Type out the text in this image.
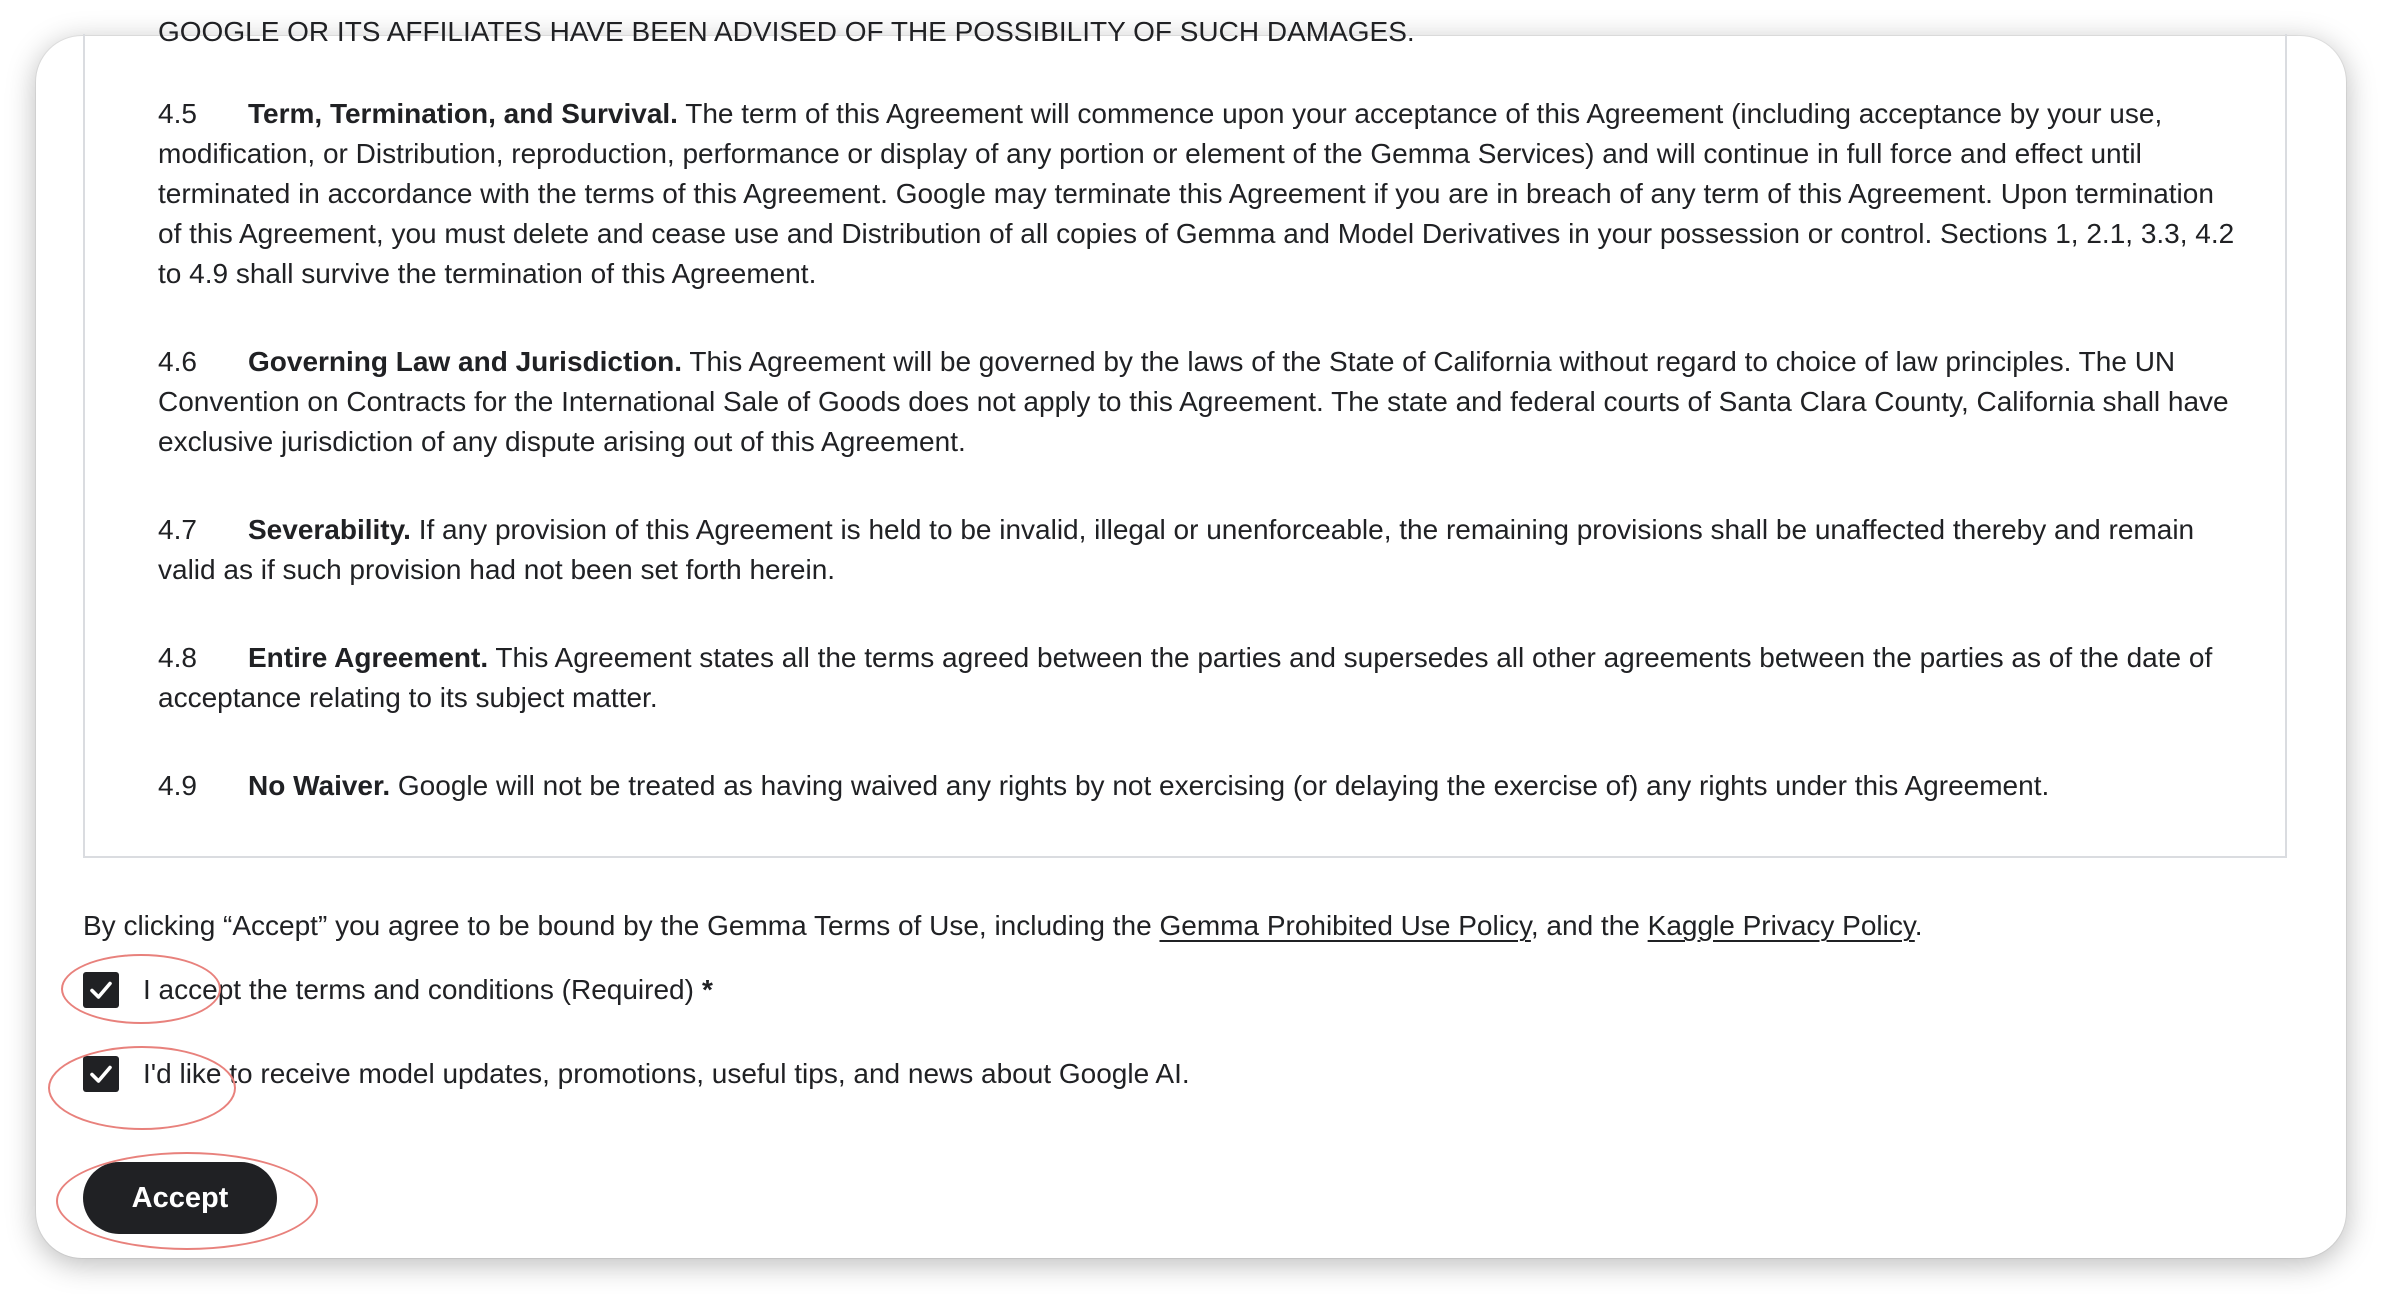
GOOGLE OR ITS AFFILIATES HAVE BEEN ADVISED OF THE POSSIBILITY OF SUCH DAMAGES.
4.5 Term, Termination, and Survival. The term of this Agreement will commence upon your acceptance of this Agreement (including acceptance by your use, modification, or Distribution, reproduction, performance or display of any portion or element of the Gemma Services) and will continue in full force and effect until terminated in accordance with the terms of this Agreement. Google may terminate this Agreement if you are in breach of any term of this Agreement. Upon termination of this Agreement, you must delete and cease use and Distribution of all copies of Gemma and Model Derivatives in your possession or control. Sections 1, 2.1, 3.3, 4.2 to 4.9 shall survive the termination of this Agreement.
4.6 Governing Law and Jurisdiction. This Agreement will be governed by the laws of the State of California without regard to choice of law principles. The UN Convention on Contracts for the International Sale of Goods does not apply to this Agreement. The state and federal courts of Santa Clara County, California shall have exclusive jurisdiction of any dispute arising out of this Agreement.
4.7 Severability. If any provision of this Agreement is held to be invalid, illegal or unenforceable, the remaining provisions shall be unaffected thereby and remain valid as if such provision had not been set forth herein.
4.8 Entire Agreement. This Agreement states all the terms agreed between the parties and supersedes all other agreements between the parties as of the date of acceptance relating to its subject matter.
4.9 No Waiver. Google will not be treated as having waived any rights by not exercising (or delaying the exercise of) any rights under this Agreement.
By clicking “Accept” you agree to be bound by the Gemma Terms of Use, including the Gemma Prohibited Use Policy, and the Kaggle Privacy Policy.
I accept the terms and conditions (Required) *
I'd like to receive model updates, promotions, useful tips, and news about Google AI.
Accept
